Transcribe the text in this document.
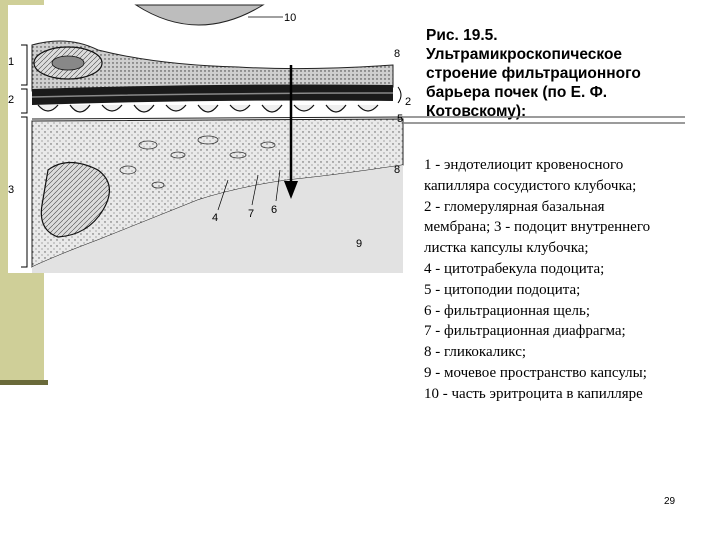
1
2
3
10
8
2
5
8
4	7 6
9
Рис. 19.5.
Ультрамикроскопическое
строение фильтрационного
барьера почек (по Е. Ф.
Котовскому):
1 - эндотелиоцит кровеносного
капилляра сосудистого клубочка;
2 - гломерулярная базальная
мембрана; 3 - подоцит внутреннего
листка капсулы клубочка;
4 - цитотрабекула подоцита;
5 - цитоподии подоцита;
6 - фильтрационная щель;
7 - фильтрационная диафрагма;
8 - гликокаликс;
9 - мочевое пространство капсулы;
10 - часть эритроцита в капилляре
29
